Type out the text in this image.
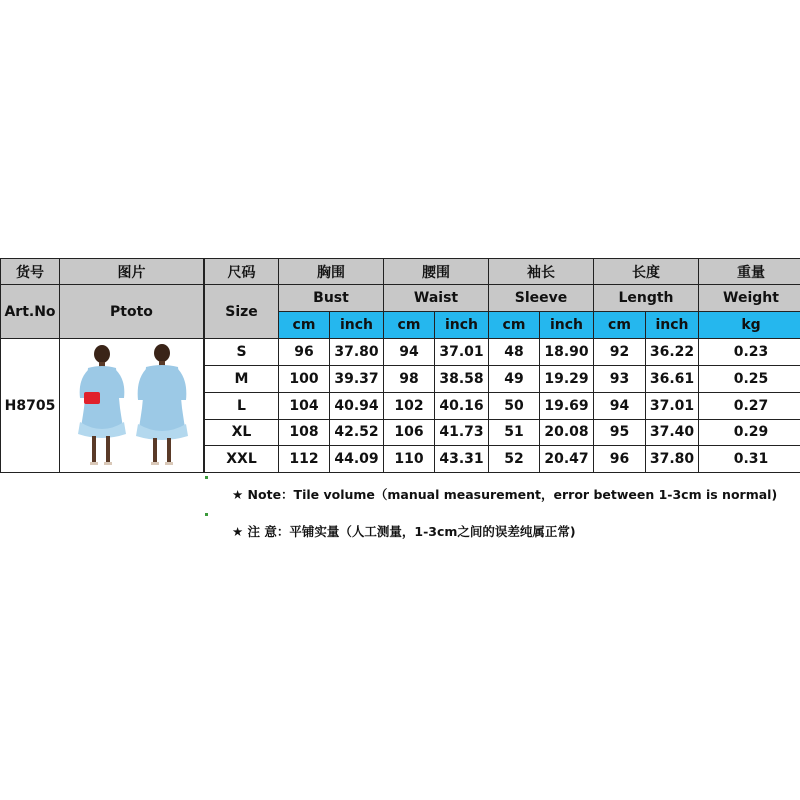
货号	图片
Art.No	Ptoto
H8705	
尺码	胸围		腰围		袖长		长度		重量
Size	Bust		Waist		Sleeve		Length		Weight
	cm	inch	cm	inch	cm	inch	cm	inch	kg
S	96	37.80	94	37.01	48	18.90	92	36.22	0.23
M	100	39.37	98	38.58	49	19.29	93	36.61	0.25
L	104	40.94	102	40.16	50	19.69	94	37.01	0.27
XL	108	42.52	106	41.73	51	20.08	95	37.40	0.29
XXL	112	44.09	110	43.31	52	20.47	96	37.80	0.31
★ Note：Tile volume（manual measurement，error between 1-3cm is normal)
★ 注 意：平铺实量（人工测量，1-3cm之间的误差纯属正常)
